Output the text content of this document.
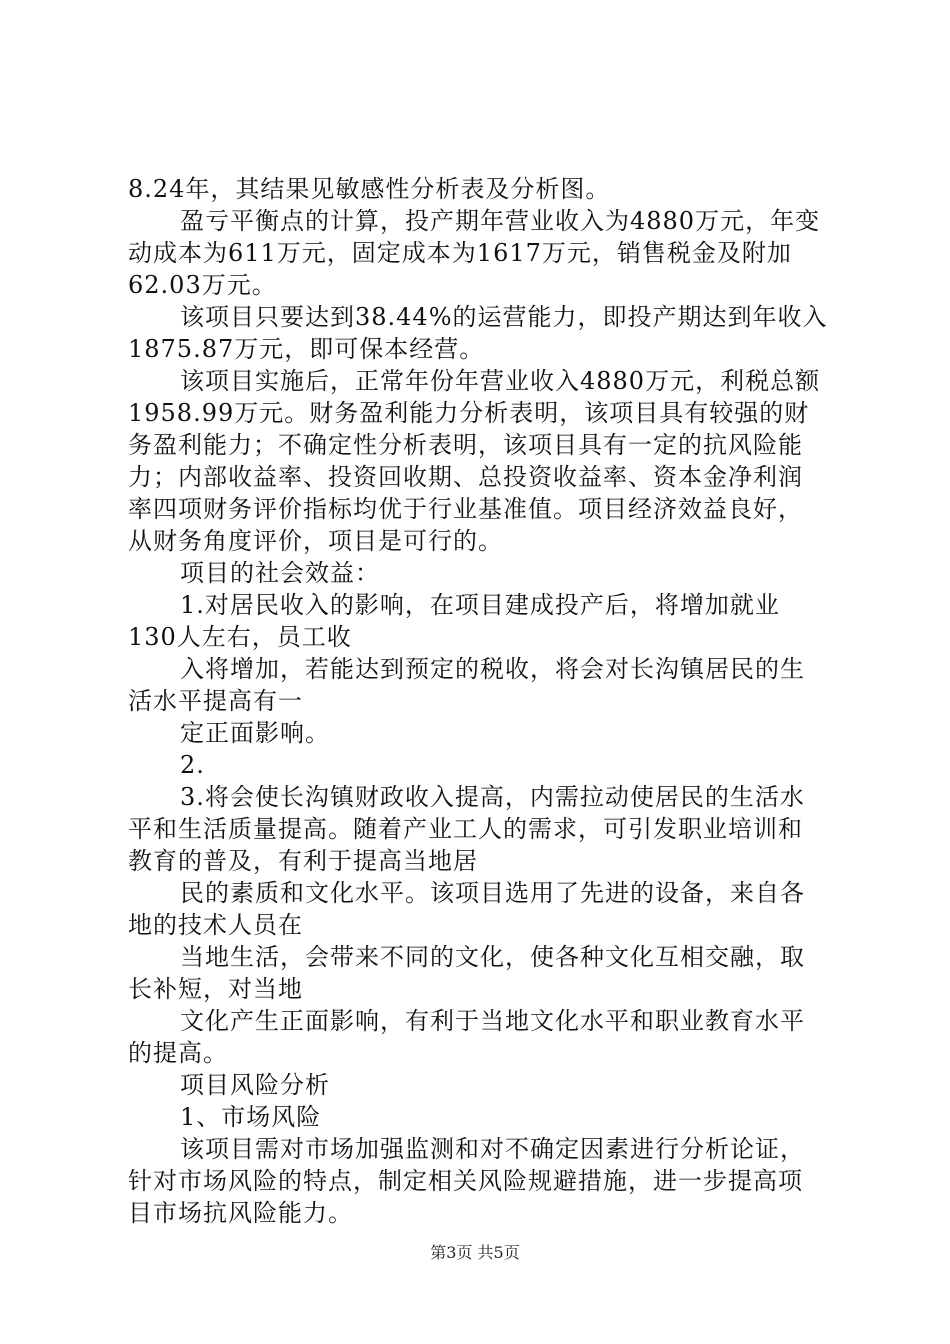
8.24年，其结果见敏感性分析表及分析图。
盈亏平衡点的计算，投产期年营业收入为4880万元，年变
动成本为611万元，固定成本为1617万元，销售税金及附加
62.03万元。
该项目只要达到38.44%的运营能力，即投产期达到年收入
1875.87万元，即可保本经营。
该项目实施后，正常年份年营业收入4880万元，利税总额
1958.99万元。财务盈利能力分析表明，该项目具有较强的财
务盈利能力；不确定性分析表明，该项目具有一定的抗风险能
力；内部收益率、投资回收期、总投资收益率、资本金净利润
率四项财务评价指标均优于行业基准值。项目经济效益良好，
从财务角度评价，项目是可行的。
项目的社会效益：
1.对居民收入的影响，在项目建成投产后，将增加就业
130人左右，员工收
入将增加，若能达到预定的税收，将会对长沟镇居民的生
活水平提高有一
定正面影响。
2.
3.将会使长沟镇财政收入提高，内需拉动使居民的生活水
平和生活质量提高。随着产业工人的需求，可引发职业培训和
教育的普及，有利于提高当地居
民的素质和文化水平。该项目选用了先进的设备，来自各
地的技术人员在
当地生活，会带来不同的文化，使各种文化互相交融，取
长补短，对当地
文化产生正面影响，有利于当地文化水平和职业教育水平
的提高。
项目风险分析
1、市场风险
该项目需对市场加强监测和对不确定因素进行分析论证，
针对市场风险的特点，制定相关风险规避措施，进一步提高项
目市场抗风险能力。
第3页 共5页
